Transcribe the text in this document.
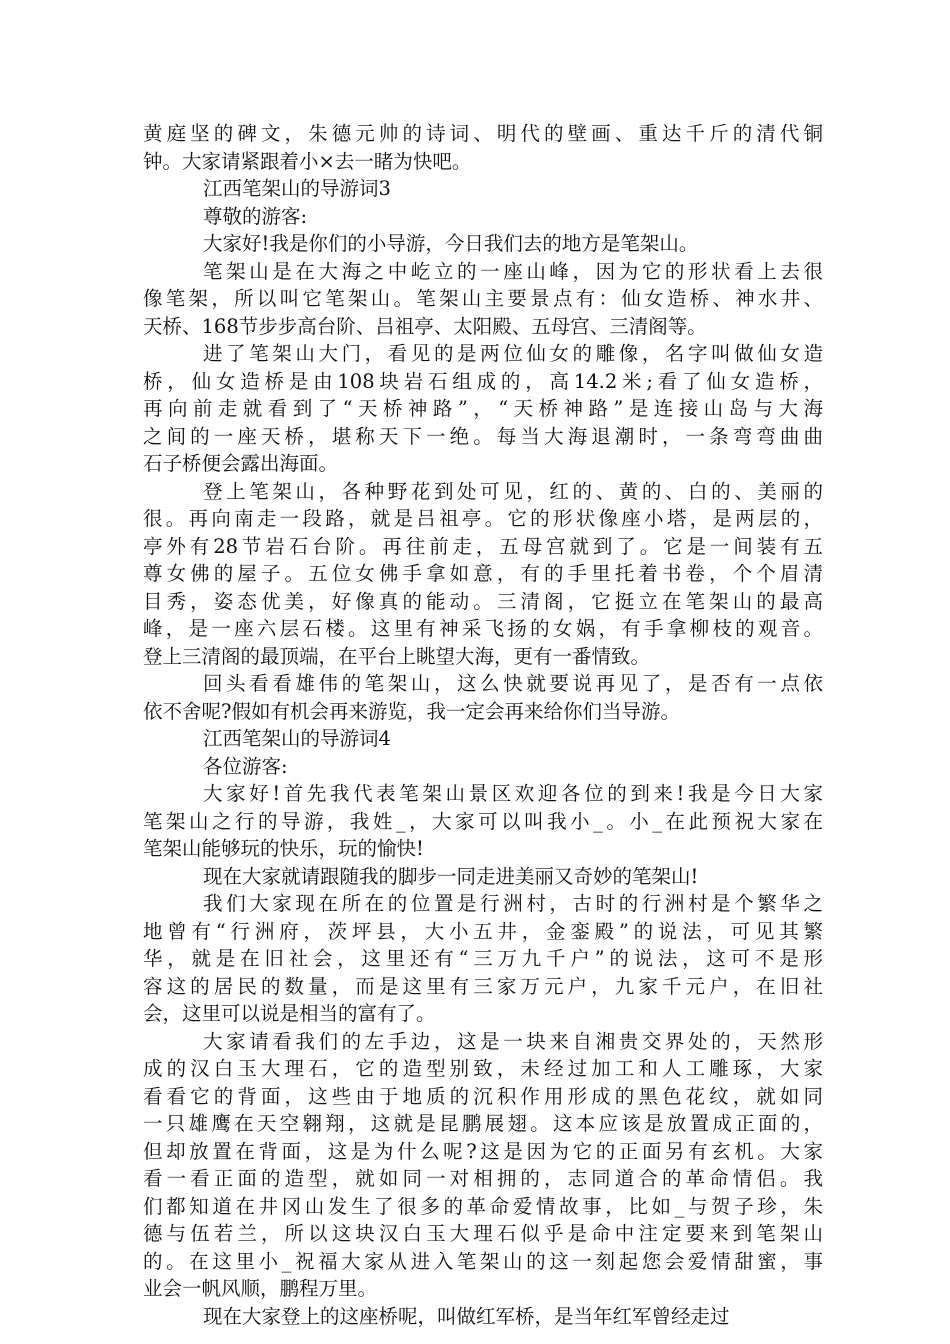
黄庭坚的碑文，朱德元帅的诗词、明代的壁画、重达千斤的清代铜
钟。大家请紧跟着小×去一睹为快吧。
江西笔架山的导游词3
尊敬的游客:
大家好!我是你们的小导游，今日我们去的地方是笔架山。
笔架山是在大海之中屹立的一座山峰，因为它的形状看上去很
像笔架，所以叫它笔架山。笔架山主要景点有：仙女造桥、神水井、
天桥、168节步步高台阶、吕祖亭、太阳殿、五母宫、三清阁等。
进了笔架山大门，看见的是两位仙女的雕像，名字叫做仙女造
桥，仙女造桥是由108块岩石组成的，高14.2米;看了仙女造桥，
再向前走就看到了“天桥神路”，“天桥神路”是连接山岛与大海
之间的一座天桥，堪称天下一绝。每当大海退潮时，一条弯弯曲曲
石子桥便会露出海面。
登上笔架山，各种野花到处可见，红的、黄的、白的、美丽的
很。再向南走一段路，就是吕祖亭。它的形状像座小塔，是两层的，
亭外有28节岩石台阶。再往前走，五母宫就到了。它是一间装有五
尊女佛的屋子。五位女佛手拿如意，有的手里托着书卷，个个眉清
目秀，姿态优美，好像真的能动。三清阁，它挺立在笔架山的最高
峰，是一座六层石楼。这里有神采飞扬的女娲，有手拿柳枝的观音。
登上三清阁的最顶端，在平台上眺望大海，更有一番情致。
回头看看雄伟的笔架山，这么快就要说再见了，是否有一点依
依不舍呢?假如有机会再来游览，我一定会再来给你们当导游。
江西笔架山的导游词4
各位游客:
大家好!首先我代表笔架山景区欢迎各位的到来!我是今日大家
笔架山之行的导游，我姓_，大家可以叫我小_。小_在此预祝大家在
笔架山能够玩的快乐，玩的愉快!
现在大家就请跟随我的脚步一同走进美丽又奇妙的笔架山!
我们大家现在所在的位置是行洲村，古时的行洲村是个繁华之
地曾有“行洲府，茨坪县，大小五井，金銮殿”的说法，可见其繁
华，就是在旧社会，这里还有“三万九千户”的说法，这可不是形
容这的居民的数量，而是这里有三家万元户，九家千元户，在旧社
会，这里可以说是相当的富有了。
大家请看我们的左手边，这是一块来自湘贵交界处的，天然形
成的汉白玉大理石，它的造型别致，未经过加工和人工雕琢，大家
看看它的背面，这些由于地质的沉积作用形成的黑色花纹，就如同
一只雄鹰在天空翱翔，这就是昆鹏展翅。这本应该是放置成正面的，
但却放置在背面，这是为什么呢?这是因为它的正面另有玄机。大家
看一看正面的造型，就如同一对相拥的，志同道合的革命情侣。我
们都知道在井冈山发生了很多的革命爱情故事，比如_与贺子珍，朱
德与伍若兰，所以这块汉白玉大理石似乎是命中注定要来到笔架山
的。在这里小_祝福大家从进入笔架山的这一刻起您会爱情甜蜜，事
业会一帆风顺，鹏程万里。
现在大家登上的这座桥呢，叫做红军桥，是当年红军曾经走过
